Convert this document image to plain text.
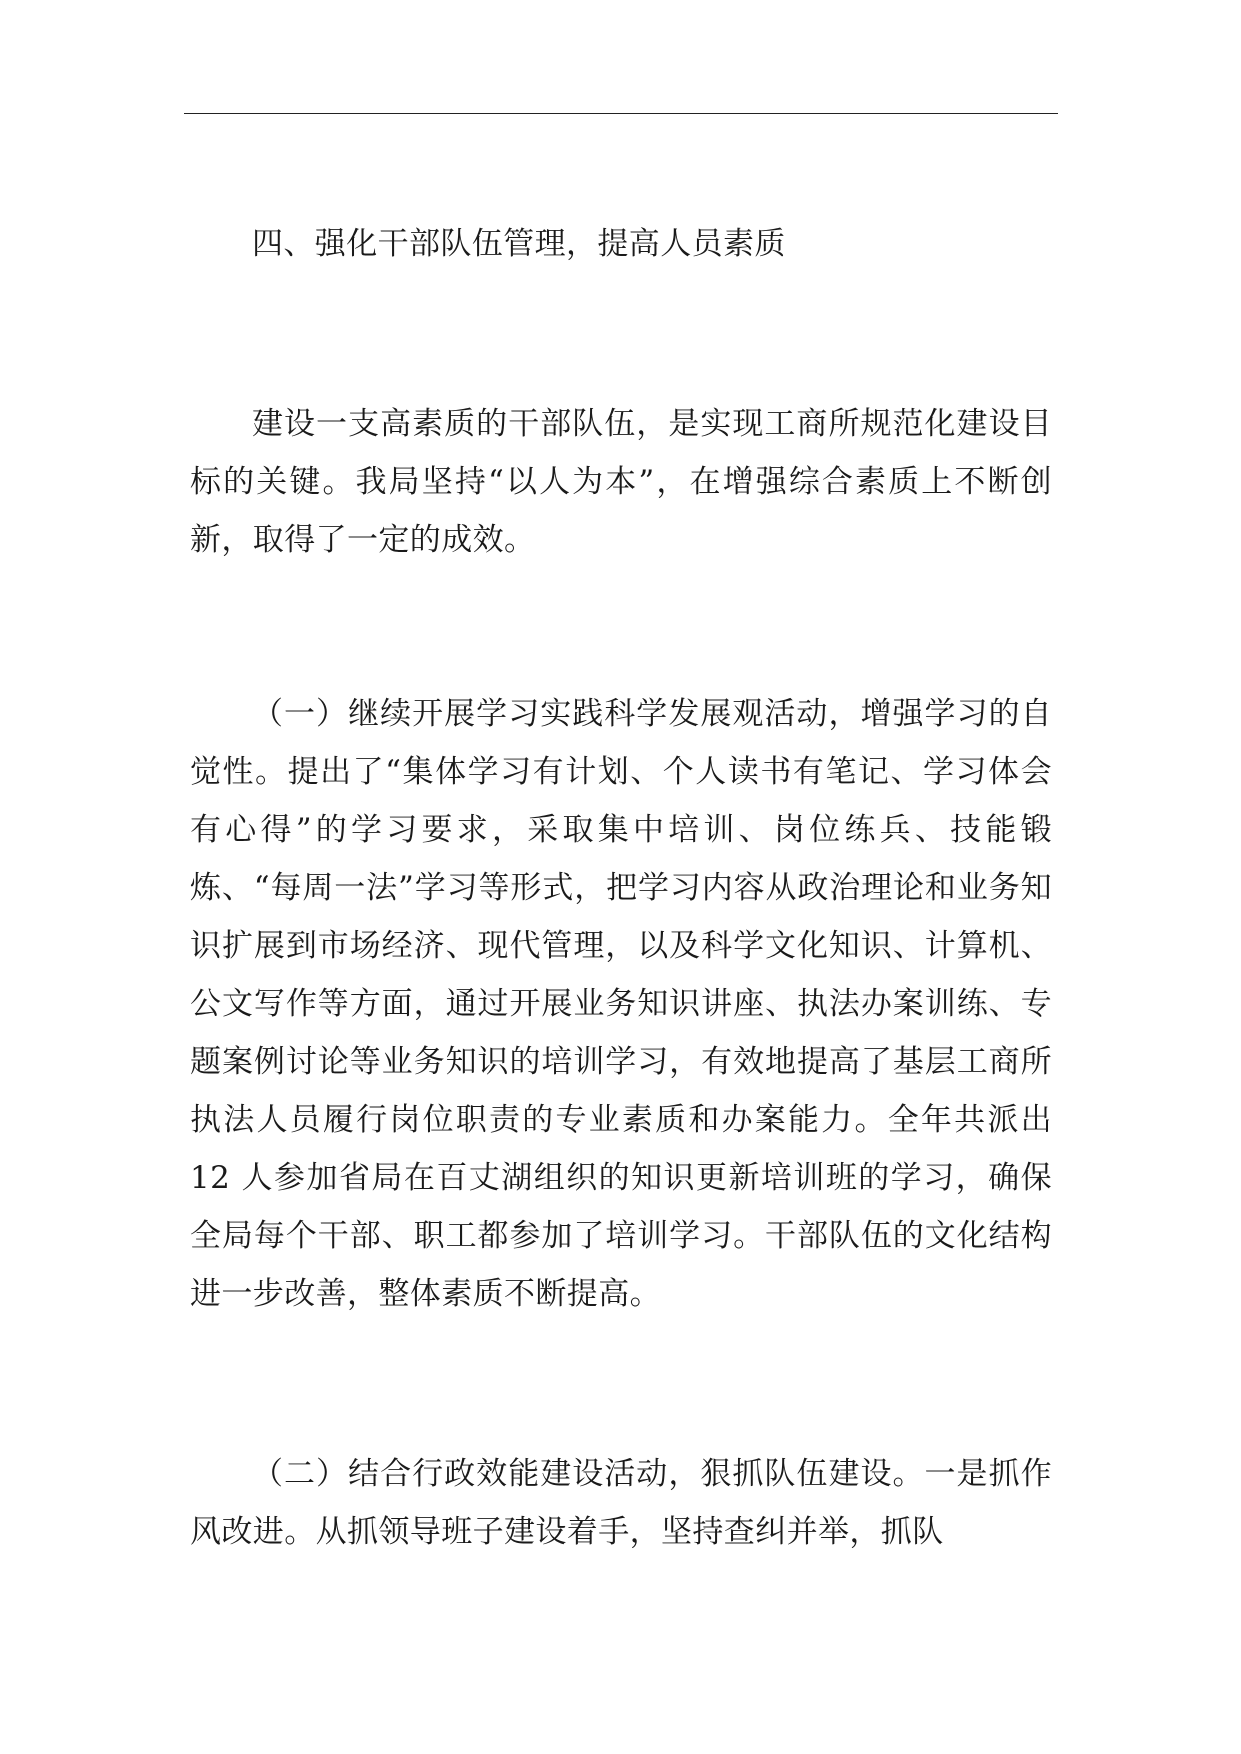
四、强化干部队伍管理，提高人员素质

建设一支高素质的干部队伍，是实现工商所规范化建设目标的关键。我局坚持“以人为本”，在增强综合素质上不断创新，取得了一定的成效。

（一）继续开展学习实践科学发展观活动，增强学习的自觉性。提出了“集体学习有计划、个人读书有笔记、学习体会有心得”的学习要求，采取集中培训、岗位练兵、技能锻炼、“每周一法”学习等形式，把学习内容从政治理论和业务知识扩展到市场经济、现代管理，以及科学文化知识、计算机、公文写作等方面，通过开展业务知识讲座、执法办案训练、专题案例讨论等业务知识的培训学习，有效地提高了基层工商所执法人员履行岗位职责的专业素质和办案能力。全年共派出 12 人参加省局在百丈湖组织的知识更新培训班的学习，确保全局每个干部、职工都参加了培训学习。干部队伍的文化结构进一步改善，整体素质不断提高。

（二）结合行政效能建设活动，狠抓队伍建设。一是抓作风改进。从抓领导班子建设着手，坚持查纠并举，抓队
